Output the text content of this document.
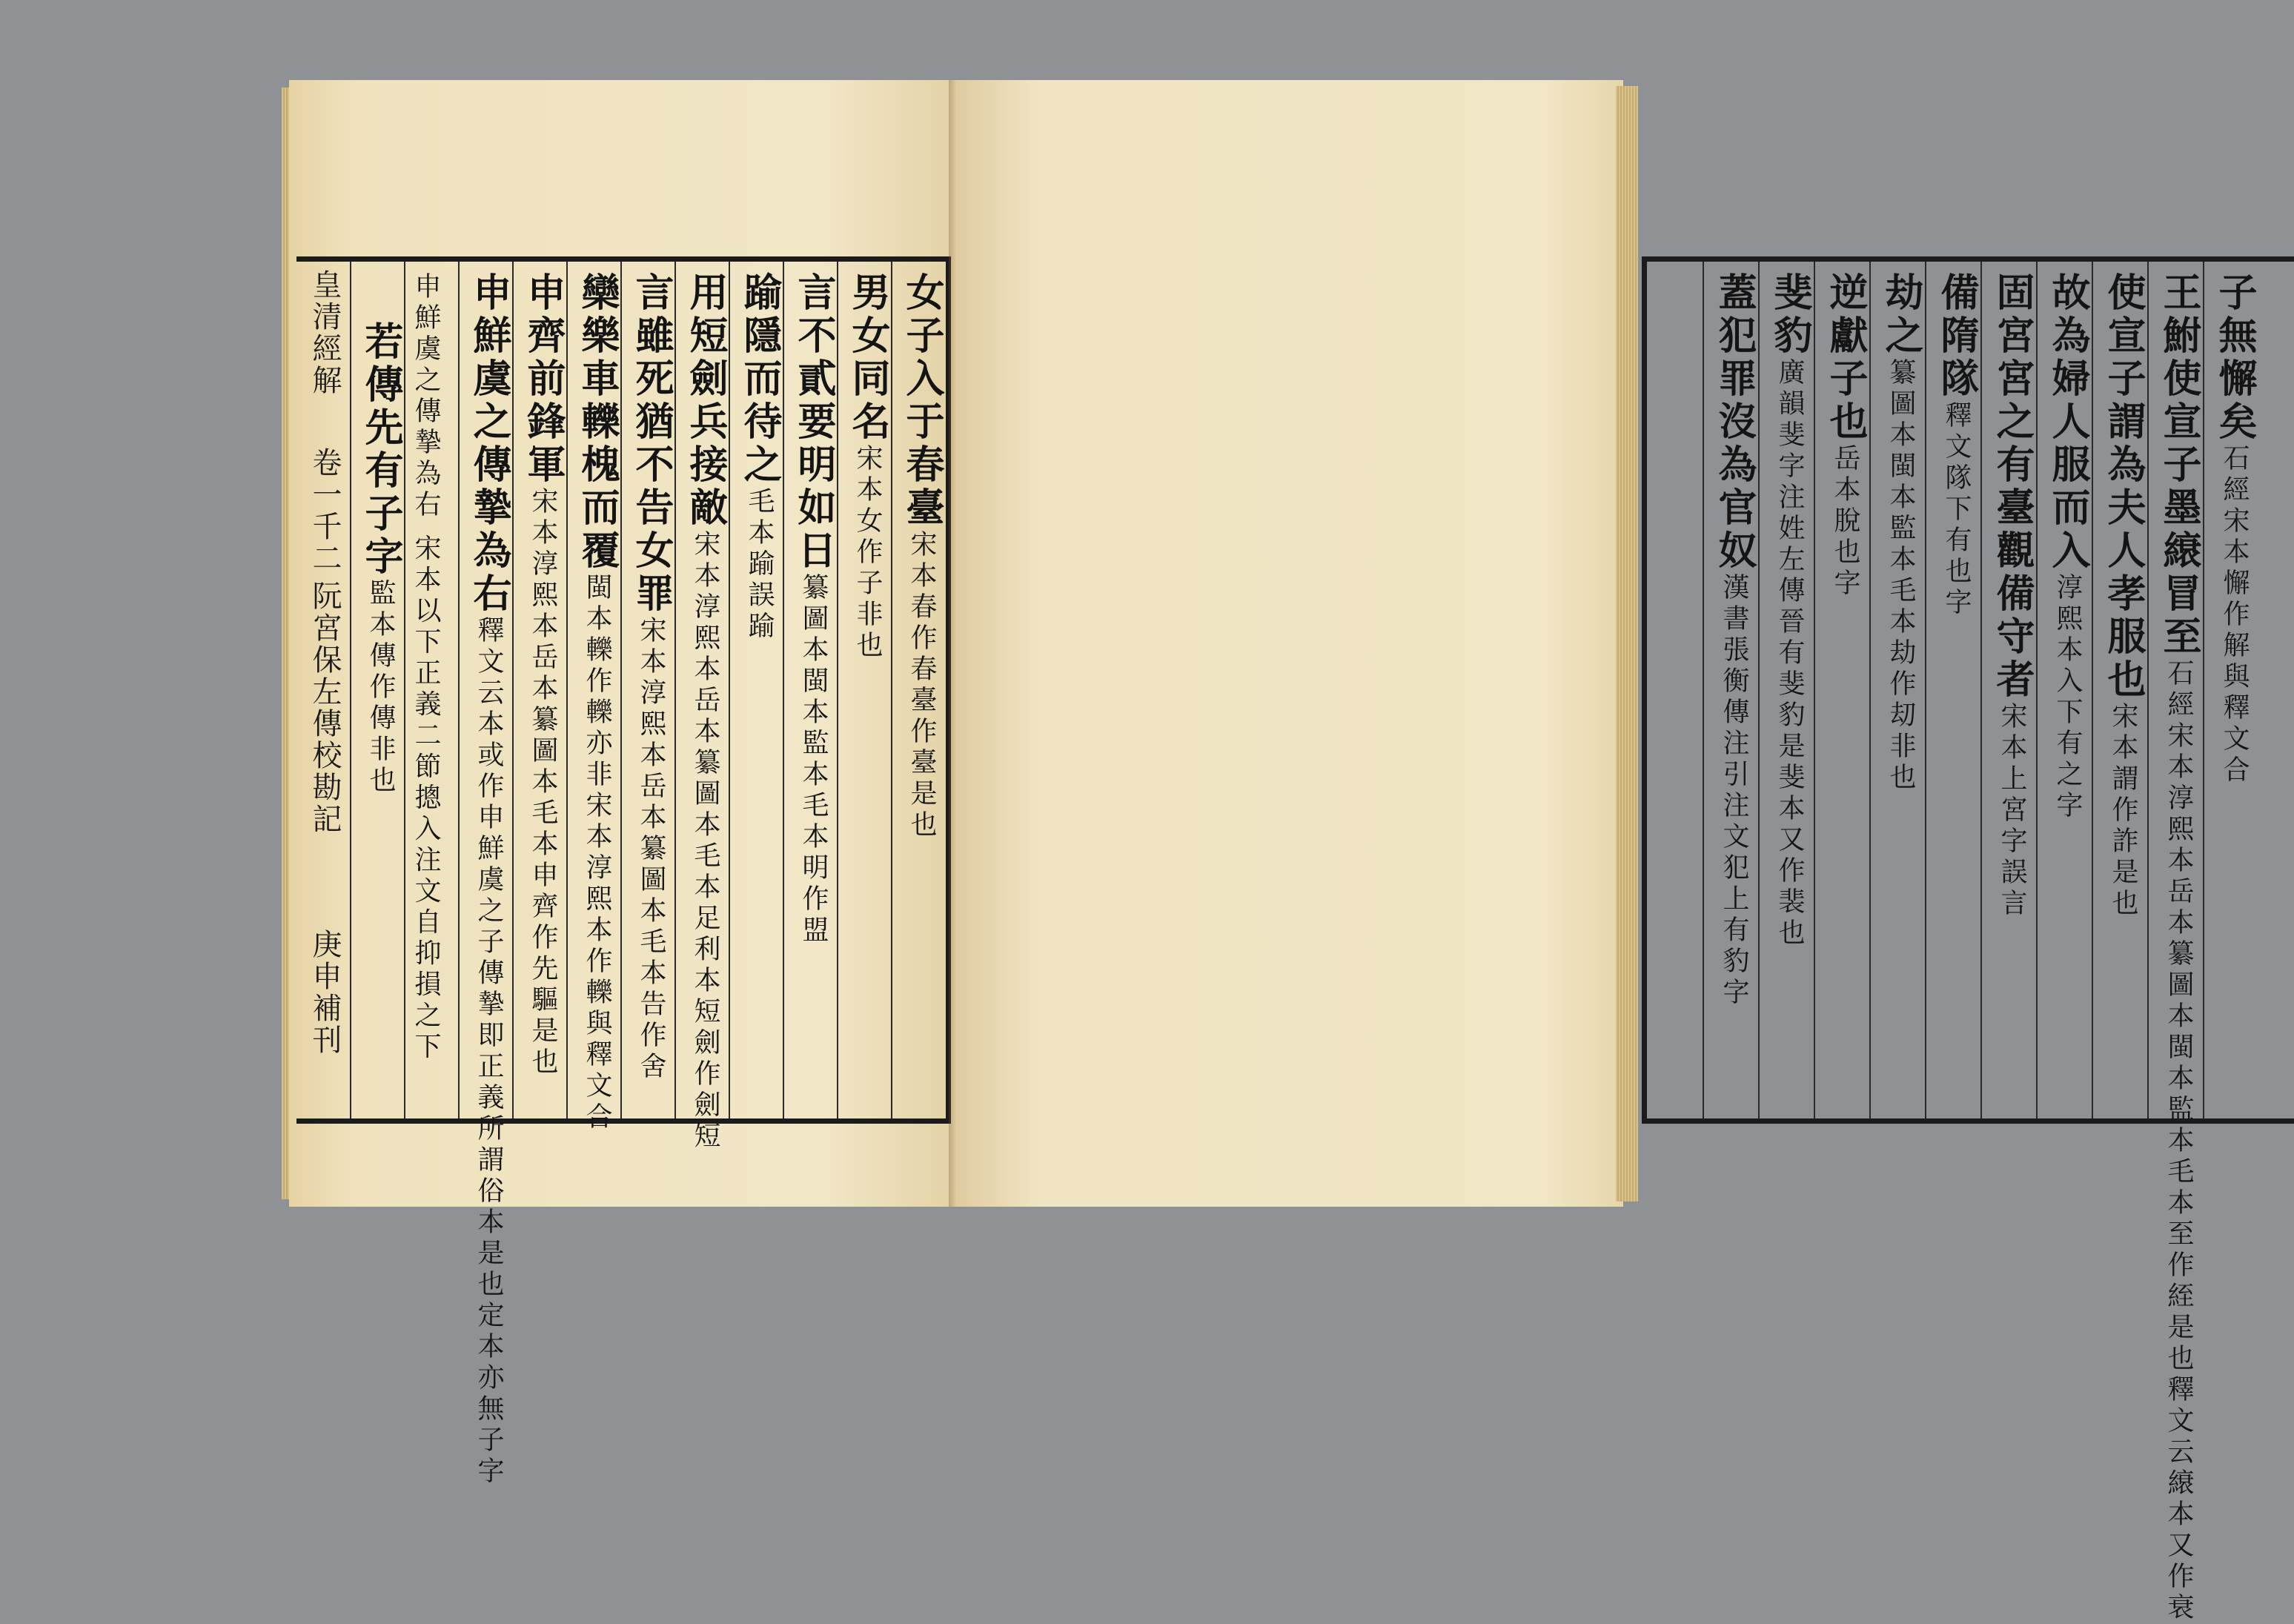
女子入于春臺宋本春作春臺作臺是也
男女同名宋本女作子非也
言不貳要明如日纂圖本閩本監本毛本明作盟
踰隱而待之毛本踰誤踰
用短劍兵接敵宋本淳熙本岳本纂圖本毛本足利本短劍作劍短
言雖死猶不告女罪宋本淳熙本岳本纂圖本毛本告作舍
欒樂車轢槐而覆閩本轢作轢亦非宋本淳熙本作轢與釋文合
申齊前鋒軍宋本淳熙本岳本纂圖本毛本申齊作先驅是也
申鮮虞之傳摯為右釋文云本或作申鮮虞之子傳摯即正義所謂俗本是也定本亦無子字
申鮮虞之傳摯為右 宋本以下正義二節摠入注文自抑損之下
若傳先有子字監本傳作傳非也
皇清經解
卷一千二
阮宮保左傳校勘記
庚申補刊
子無懈矣石經宋本懈作解與釋文合
王鮒使宣子墨縗冒至石經宋本淳熙本岳本纂圖本閩本監本毛本至作絰是也釋文云縗本又作衰
使宣子謂為夫人孝服也宋本謂作詐是也
故為婦人服而入淳熙本入下有之字
固宮宮之有臺觀備守者宋本上宮字誤言
備隋隊釋文隊下有也字
劫之纂圖本閩本監本毛本劫作刧非也
逆獻子也岳本脫也字
斐豹廣韻斐字注姓左傳晉有斐豹是斐本又作裴也
蓋犯罪沒為官奴漢書張衡傳注引注文犯上有豹字
